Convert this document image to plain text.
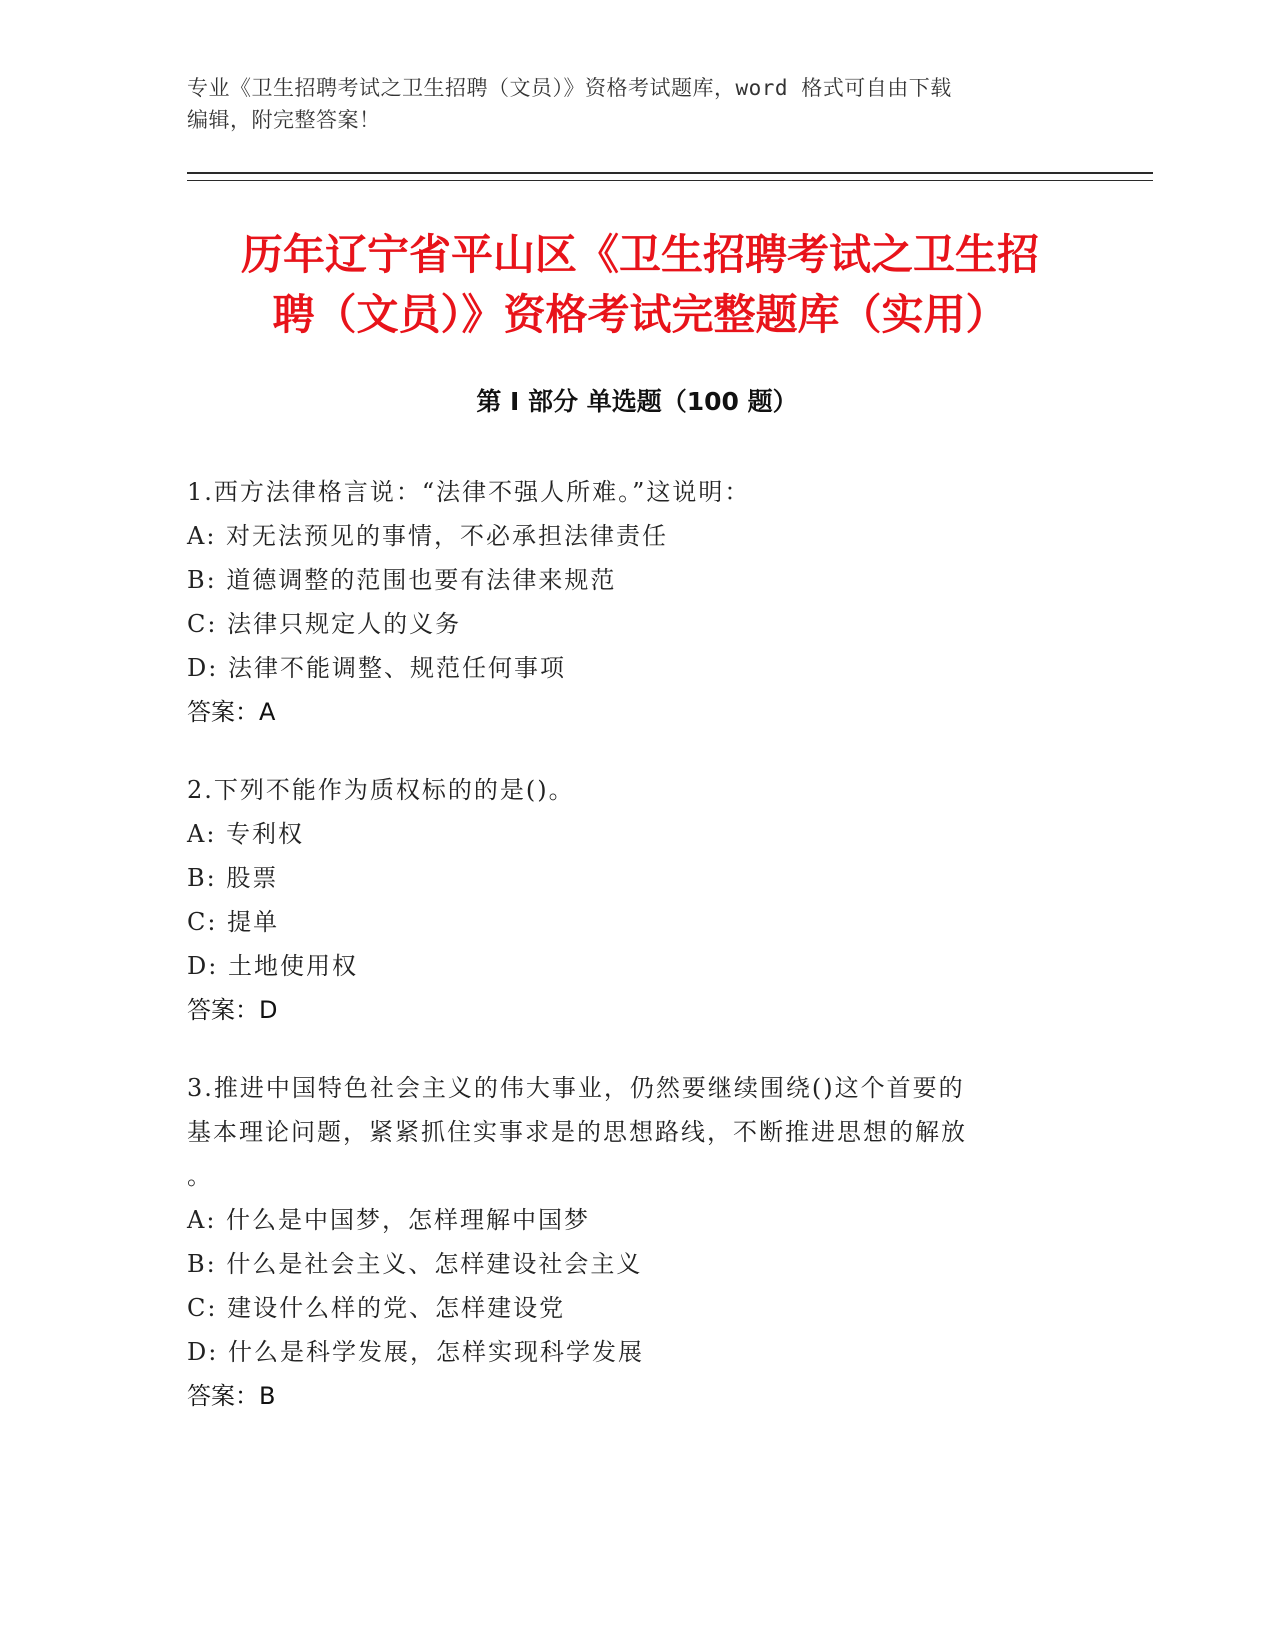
专业《卫生招聘考试之卫生招聘（文员）》资格考试题库，word 格式可自由下载
编辑，附完整答案！
历年辽宁省平山区《卫生招聘考试之卫生招
聘（文员）》资格考试完整题库（实用）
第 I 部分 单选题（100 题）

1.西方法律格言说：“法律不强人所难。”这说明：

A: 对无法预见的事情，不必承担法律责任

B: 道德调整的范围也要有法律来规范

C: 法律只规定人的义务

D: 法律不能调整、规范任何事项

答案：A

2.下列不能作为质权标的的是()。

A: 专利权

B: 股票

C: 提单

D: 土地使用权

答案：D

3.推进中国特色社会主义的伟大事业，仍然要继续围绕()这个首要的

基本理论问题，紧紧抓住实事求是的思想路线，不断推进思想的解放

。

A: 什么是中国梦，怎样理解中国梦

B: 什么是社会主义、怎样建设社会主义

C: 建设什么样的党、怎样建设党

D: 什么是科学发展，怎样实现科学发展

答案：B
